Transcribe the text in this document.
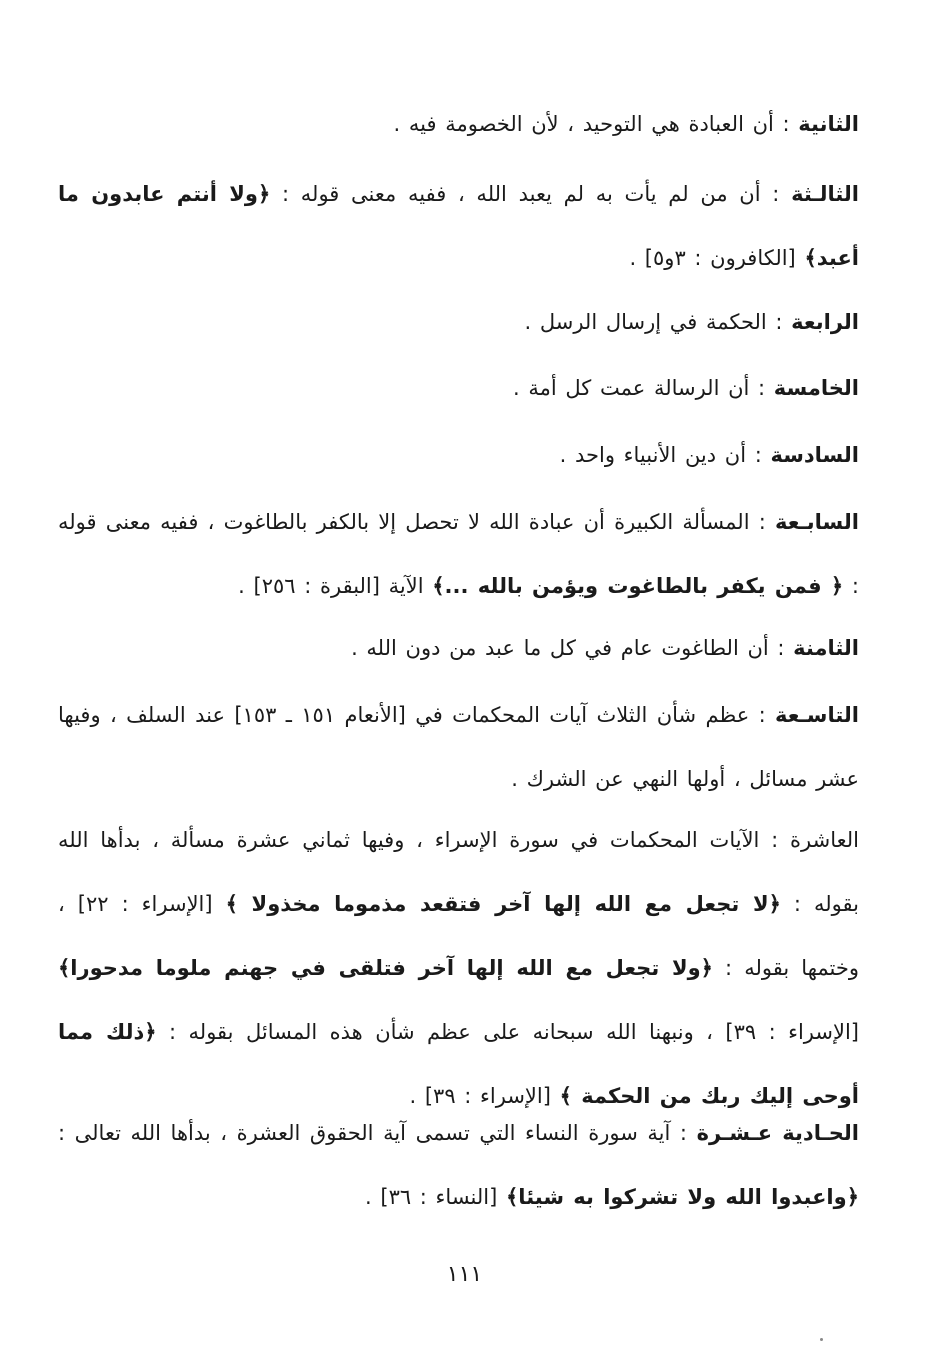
الثانية : أن العبادة هي التوحيد ، لأن الخصومة فيه .
الثالـثة : أن من لم يأت به لم يعبد الله ، ففيه معنى قوله : ﴿ولا أنتم عابدون ما أعبد﴾ [الكافرون : ٣و٥] .
الرابعة : الحكمة في إرسال الرسل .
الخامسة : أن الرسالة عمت كل أمة .
السادسة : أن دين الأنبياء واحد .
السابـعة : المسألة الكبيرة أن عبادة الله لا تحصل إلا بالكفر بالطاغوت ، ففيه معنى قوله : ﴿ فمن يكفر بالطاغوت ويؤمن بالله ...﴾ الآية [البقرة : ٢٥٦] .
الثامنة : أن الطاغوت عام في كل ما عبد من دون الله .
التاسـعة : عظم شأن الثلاث آيات المحكمات في [الأنعام ١٥١ ـ ١٥٣] عند السلف ، وفيها عشر مسائل ، أولها النهي عن الشرك .
العاشرة : الآيات المحكمات في سورة الإسراء ، وفيها ثماني عشرة مسألة ، بدأها الله بقوله : ﴿لا تجعل مع الله إلها آخر فتقعد مذموما مخذولا ﴾ [الإسراء : ٢٢] ، وختمها بقوله : ﴿ولا تجعل مع الله إلها آخر فتلقى في جهنم ملوما مدحورا﴾ [الإسراء : ٣٩] ، ونبهنا الله سبحانه على عظم شأن هذه المسائل بقوله : ﴿ذلك مما أوحى إليك ربك من الحكمة ﴾ [الإسراء : ٣٩] .
الحـادية عـشـرة : آية سورة النساء التي تسمى آية الحقوق العشرة ، بدأها الله تعالى : ﴿واعبدوا الله ولا تشركوا به شيئا﴾ [النساء : ٣٦] .
١١١
